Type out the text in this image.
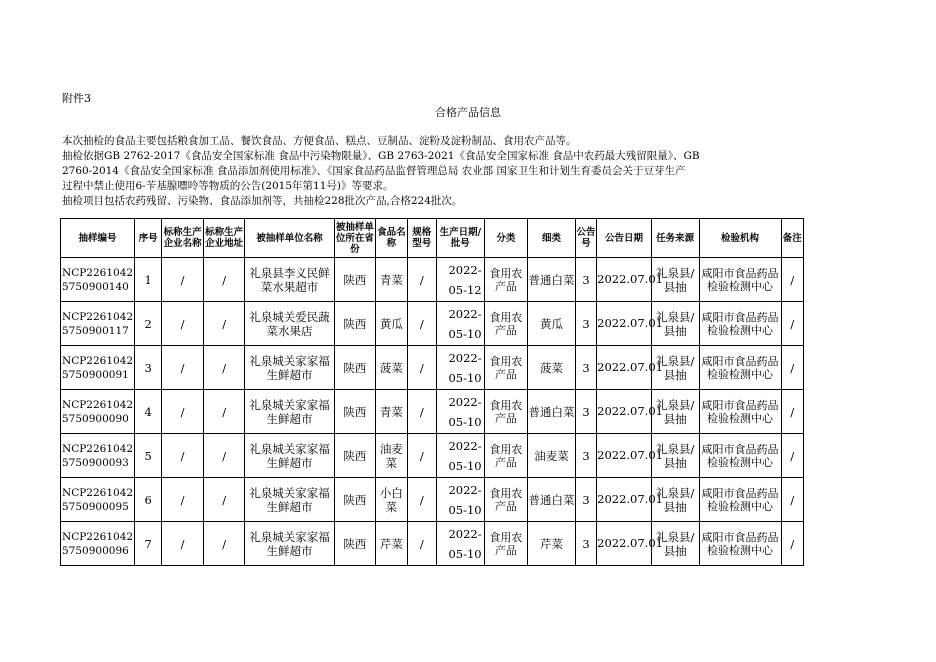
附件3
合格产品信息
本次抽检的食品主要包括粮食加工品、餐饮食品、方便食品、糕点、豆制品、淀粉及淀粉制品、食用农产品等。
抽检依据GB 2762-2017《食品安全国家标准 食品中污染物限量》、GB 2763-2021《食品安全国家标准 食品中农药最大残留限量》、GB
2760-2014《食品安全国家标准 食品添加剂使用标准》、《国家食品药品监督管理总局 农业部 国家卫生和计划生育委员会关于豆芽生产
过程中禁止使用6-苄基腺嘌呤等物质的公告(2015年第11号)》等要求。
抽检项目包括农药残留、污染物、食品添加剂等，共抽检228批次产品,合格224批次。
抽样编号	序号	标称生产企业名称	标称生产企业地址	被抽样单位名称	被抽样单位所在省份	食品名称	规格型号	生产日期/批号	分类	细类	公告号	公告日期	任务来源	检验机构	备注

NCP22610425750900140	1	/	/	礼泉县李义民鲜菜水果超市	陕西	青菜	/	2022-05-12	食用农产品	普通白菜	3	2022.07.01	礼泉县/县抽	咸阳市食品药品检验检测中心	/

NCP22610425750900117	2	/	/	礼泉城关爱民蔬菜水果店	陕西	黄瓜	/	2022-05-10	食用农产品	黄瓜	3	2022.07.01	礼泉县/县抽	咸阳市食品药品检验检测中心	/

NCP22610425750900091	3	/	/	礼泉城关家家福生鲜超市	陕西	菠菜	/	2022-05-10	食用农产品	菠菜	3	2022.07.01	礼泉县/县抽	咸阳市食品药品检验检测中心	/

NCP22610425750900090	4	/	/	礼泉城关家家福生鲜超市	陕西	青菜	/	2022-05-10	食用农产品	普通白菜	3	2022.07.01	礼泉县/县抽	咸阳市食品药品检验检测中心	/

NCP22610425750900093	5	/	/	礼泉城关家家福生鲜超市	陕西	油麦菜	/	2022-05-10	食用农产品	油麦菜	3	2022.07.01	礼泉县/县抽	咸阳市食品药品检验检测中心	/

NCP22610425750900095	6	/	/	礼泉城关家家福生鲜超市	陕西	小白菜	/	2022-05-10	食用农产品	普通白菜	3	2022.07.01	礼泉县/县抽	咸阳市食品药品检验检测中心	/

NCP22610425750900096	7	/	/	礼泉城关家家福生鲜超市	陕西	芹菜	/	2022-05-10	食用农产品	芹菜	3	2022.07.01	礼泉县/县抽	咸阳市食品药品检验检测中心	/
